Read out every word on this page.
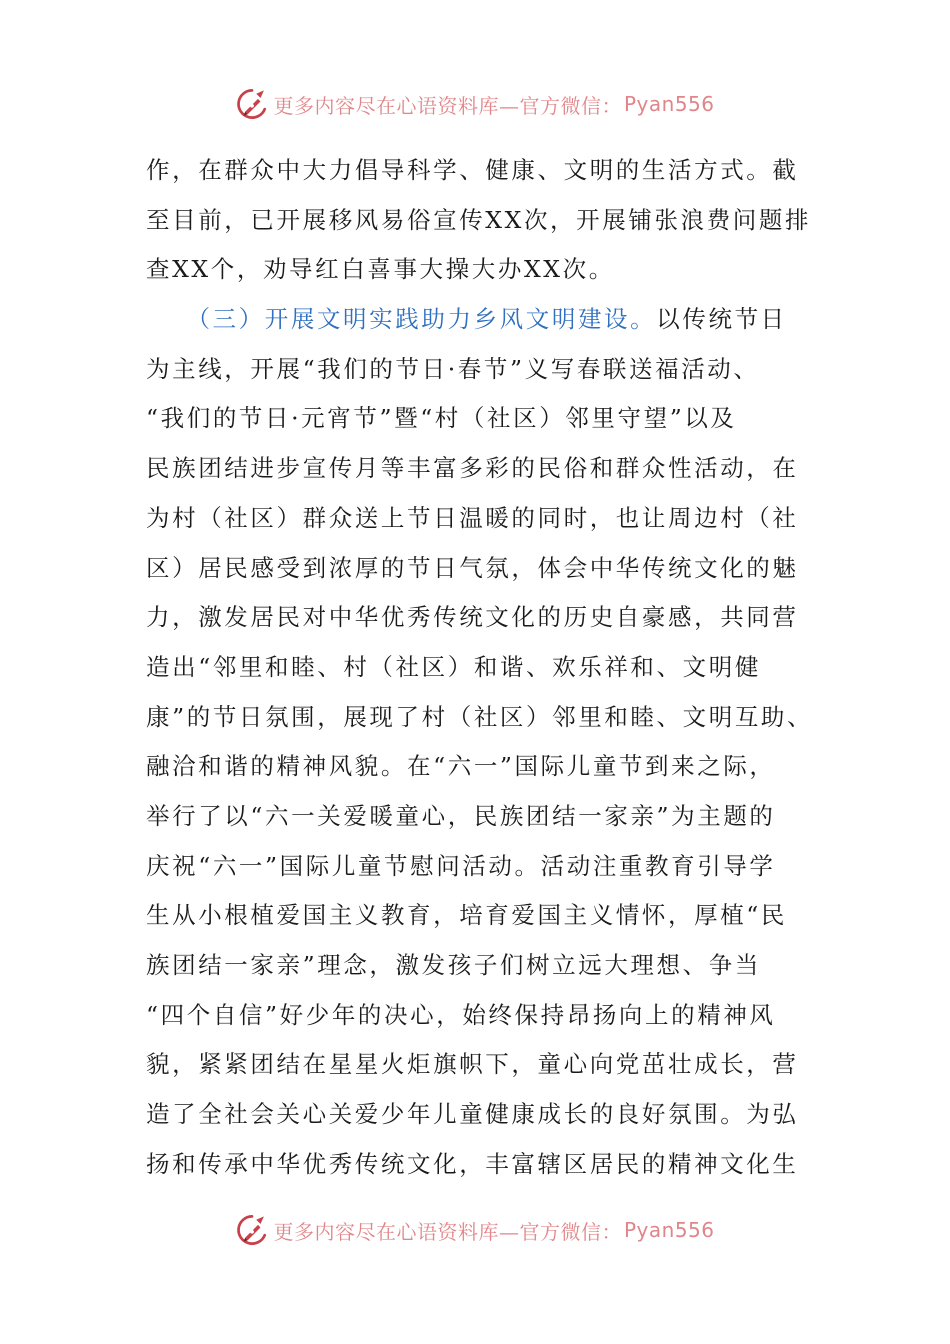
更多内容尽在心语资料库—官方微信： Pyan556
作，在群众中大力倡导科学、健康、文明的生活方式。截
至目前，已开展移风易俗宣传XX次，开展铺张浪费问题排
查XX个，劝导红白喜事大操大办XX次。
　　（三）开展文明实践助力乡风文明建设。以传统节日
为主线，开展“我们的节日·春节”义写春联送福活动、
“我们的节日·元宵节”暨“村（社区）邻里守望”以及
民族团结进步宣传月等丰富多彩的民俗和群众性活动，在
为村（社区）群众送上节日温暖的同时，也让周边村（社
区）居民感受到浓厚的节日气氛，体会中华传统文化的魅
力，激发居民对中华优秀传统文化的历史自豪感，共同营
造出“邻里和睦、村（社区）和谐、欢乐祥和、文明健
康”的节日氛围，展现了村（社区）邻里和睦、文明互助、
融洽和谐的精神风貌。在“六一”国际儿童节到来之际，
举行了以“六一关爱暖童心，民族团结一家亲”为主题的
庆祝“六一”国际儿童节慰问活动。活动注重教育引导学
生从小根植爱国主义教育，培育爱国主义情怀，厚植“民
族团结一家亲”理念，激发孩子们树立远大理想、争当
“四个自信”好少年的决心，始终保持昂扬向上的精神风
貌，紧紧团结在星星火炬旗帜下，童心向党茁壮成长，营
造了全社会关心关爱少年儿童健康成长的良好氛围。为弘
扬和传承中华优秀传统文化，丰富辖区居民的精神文化生
更多内容尽在心语资料库—官方微信： Pyan556
